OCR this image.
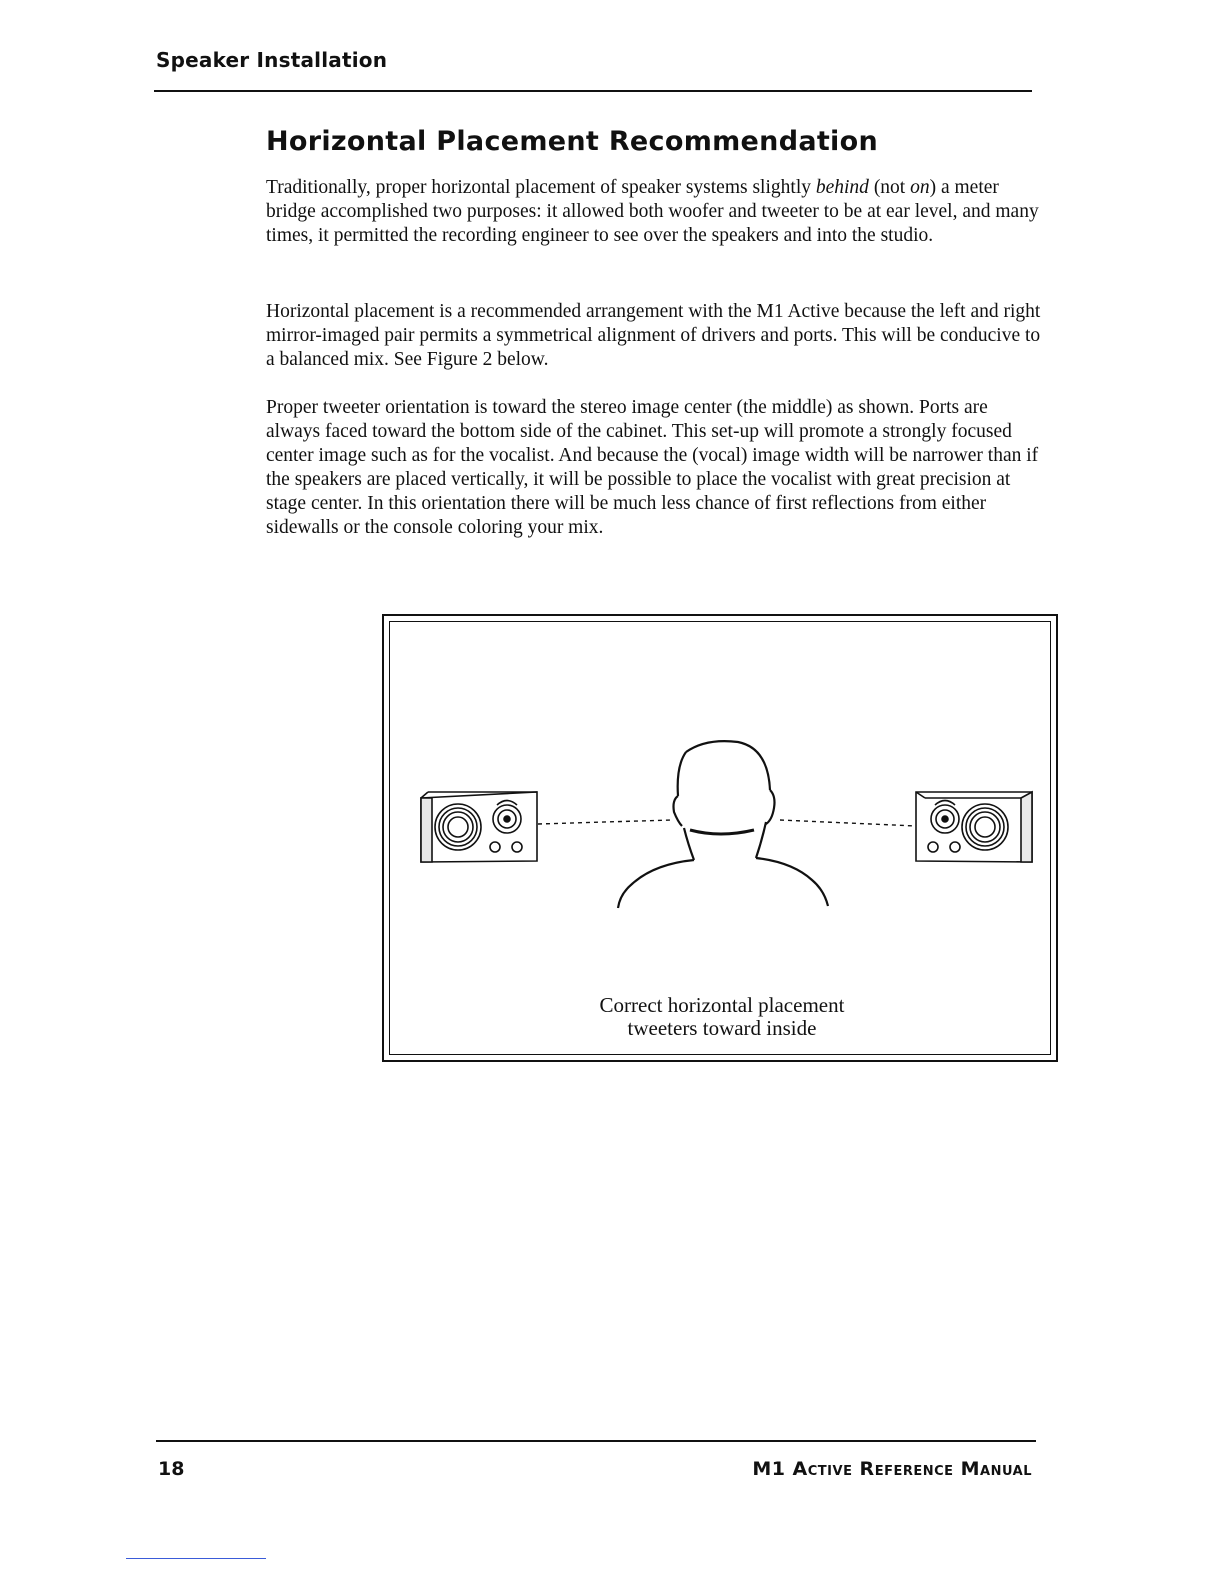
Speaker Installation
Horizontal Placement Recommendation

Traditionally, proper horizontal placement of speaker systems slightly behind (not on) a meter bridge accomplished two purposes: it allowed both woofer and tweeter to be at ear level, and many times, it permitted the recording engineer to see over the speakers and into the studio.

Horizontal placement is a recommended arrangement with the M1 Active because the left and right mirror-imaged pair permits a symmetrical alignment of drivers and ports. This will be conducive to a balanced mix. See Figure 2 below.

Proper tweeter orientation is toward the stereo image center (the middle) as shown. Ports are always faced toward the bottom side of the cabinet. This set-up will promote a strongly focused center image such as for the vocalist. And because the (vocal) image width will be narrower than if the speakers are placed vertically, it will be possible to place the vocalist with great precision at stage center. In this orientation there will be much less chance of first reflections from either sidewalls or the console coloring your mix.

Correct horizontal placement
tweeters toward inside
18	M1 Active Reference Manual
